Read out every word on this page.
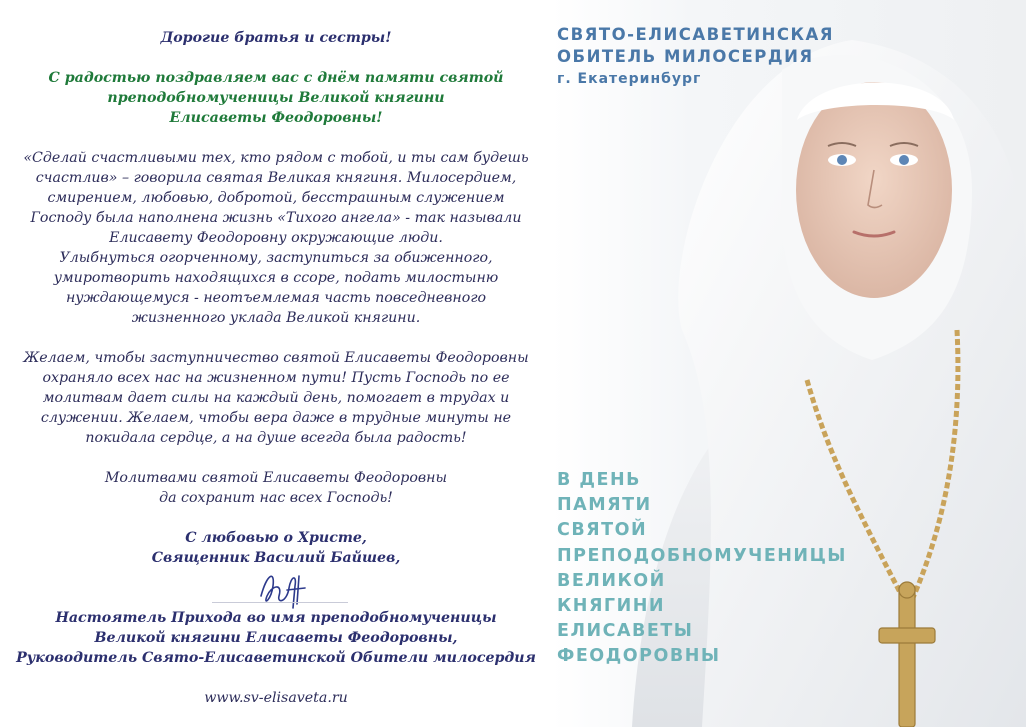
Дорогие братья и сестры!

С радостью поздравляем вас с днём памяти святой

преподобномученицы Великой княгини

Елисаветы Феодоровны!

«Сделай счастливыми тех, кто рядом с тобой, и ты сам будешь

счастлив» – говорила святая Великая княгиня. Милосердием,

смирением, любовью, добротой, бесстрашным служением

Господу была наполнена жизнь «Тихого ангела» - так называли

Елисавету Феодоровну окружающие люди.

Улыбнуться огорченному, заступиться за обиженного,

умиротворить находящихся в ссоре, подать милостыню

нуждающемуся - неотъемлемая часть повседневного

жизненного уклада Великой княгини.

Желаем, чтобы заступничество святой Елисаветы Феодоровны

охраняло всех нас на жизненном пути! Пусть Господь по ее

молитвам дает силы на каждый день, помогает в трудах и

служении. Желаем, чтобы вера даже в трудные минуты не

покидала сердце, а на душе всегда была радость!

Молитвами святой Елисаветы Феодоровны

да сохранит нас всех Господь!

С любовью о Христе,

Священник Василий Байшев,

Настоятель Прихода во имя преподобномученицы

Великой княгини Елисаветы Феодоровны,

Руководитель Свято-Елисаветинской Обители милосердия

www.sv-elisaveta.ru

СВЯТО-ЕЛИСАВЕТИНСКАЯ
ОБИТЕЛЬ МИЛОСЕРДИЯ
г. Екатеринбург
В ДЕНЬ
ПАМЯТИ
СВЯТОЙ
ПРЕПОДОБНОМУЧЕНИЦЫ
ВЕЛИКОЙ
КНЯГИНИ
ЕЛИСАВЕТЫ
ФЕОДОРОВНЫ
